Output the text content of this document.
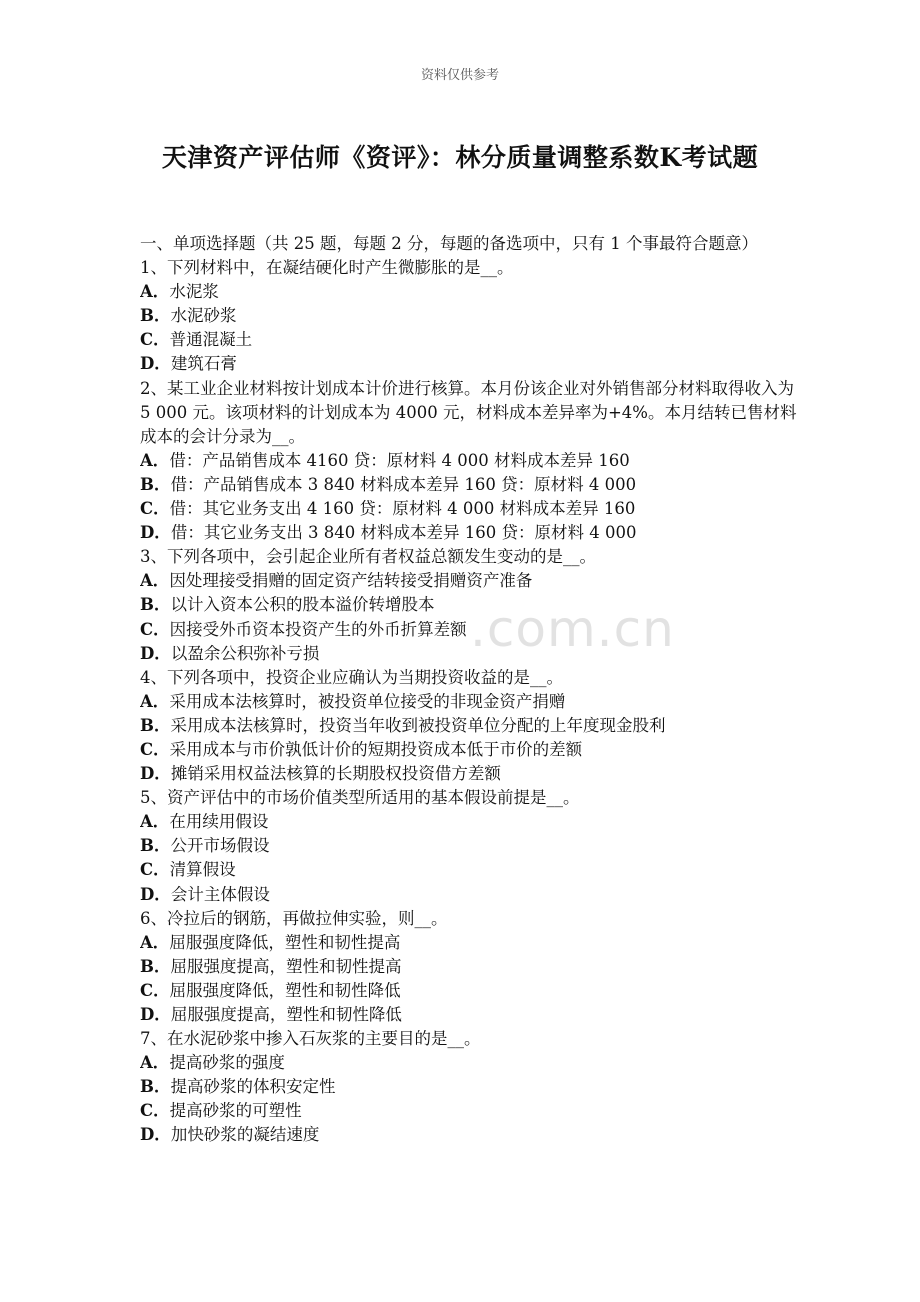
资料仅供参考
天津资产评估师《资评》：林分质量调整系数K考试题
.com.cn
一、单项选择题（共 25 题，每题 2 分，每题的备选项中，只有 1 个事最符合题意）
1、下列材料中，在凝结硬化时产生微膨胀的是__。
A．水泥浆
B．水泥砂浆
C．普通混凝土
D．建筑石膏
2、某工业企业材料按计划成本计价进行核算。本月份该企业对外销售部分材料取得收入为 5 000 元。该项材料的计划成本为 4000 元，材料成本差异率为+4%。本月结转已售材料成本的会计分录为__。
A．借：产品销售成本 4160 贷：原材料 4 000 材料成本差异 160
B．借：产品销售成本 3 840 材料成本差异 160 贷：原材料 4 000
C．借：其它业务支出 4 160 贷：原材料 4 000 材料成本差异 160
D．借：其它业务支出 3 840 材料成本差异 160 贷：原材料 4 000
3、下列各项中，会引起企业所有者权益总额发生变动的是__。
A．因处理接受捐赠的固定资产结转接受捐赠资产准备
B．以计入资本公积的股本溢价转增股本
C．因接受外币资本投资产生的外币折算差额
D．以盈余公积弥补亏损
4、下列各项中，投资企业应确认为当期投资收益的是__。
A．采用成本法核算时，被投资单位接受的非现金资产捐赠
B．采用成本法核算时，投资当年收到被投资单位分配的上年度现金股利
C．采用成本与市价孰低计价的短期投资成本低于市价的差额
D．摊销采用权益法核算的长期股权投资借方差额
5、资产评估中的市场价值类型所适用的基本假设前提是__。
A．在用续用假设
B．公开市场假设
C．清算假设
D．会计主体假设
6、冷拉后的钢筋，再做拉伸实验，则__。
A．屈服强度降低，塑性和韧性提高
B．屈服强度提高，塑性和韧性提高
C．屈服强度降低，塑性和韧性降低
D．屈服强度提高，塑性和韧性降低
7、在水泥砂浆中掺入石灰浆的主要目的是__。
A．提高砂浆的强度
B．提高砂浆的体积安定性
C．提高砂浆的可塑性
D．加快砂浆的凝结速度
